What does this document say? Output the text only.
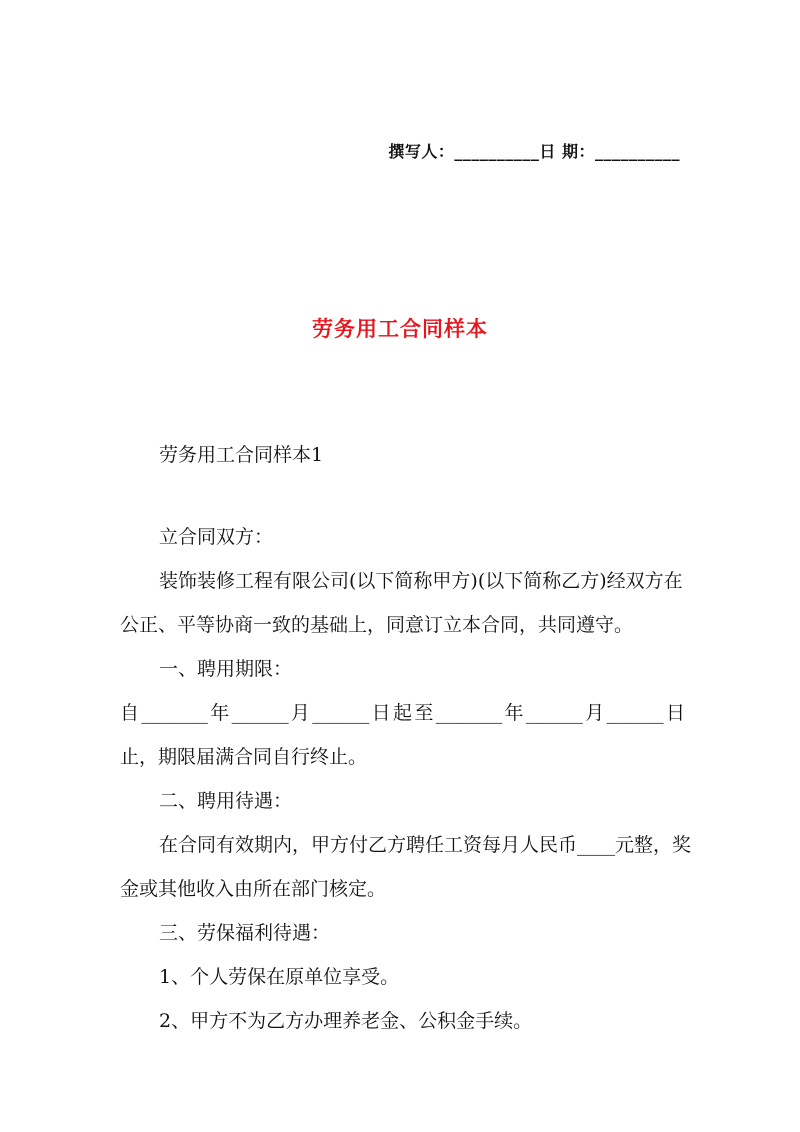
撰写人：__________日 期：__________
劳务用工合同样本
劳务用工合同样本1
立合同双方：
装饰装修工程有限公司(以下简称甲方)(以下简称乙方)经双方在
公正、平等协商一致的基础上，同意订立本合同，共同遵守。
一、聘用期限：
自_______年______月______日起至_______年______月______日
止，期限届满合同自行终止。
二、聘用待遇：
在合同有效期内，甲方付乙方聘任工资每月人民币____元整，奖
金或其他收入由所在部门核定。
三、劳保福利待遇：
1、个人劳保在原单位享受。
2、甲方不为乙方办理养老金、公积金手续。
